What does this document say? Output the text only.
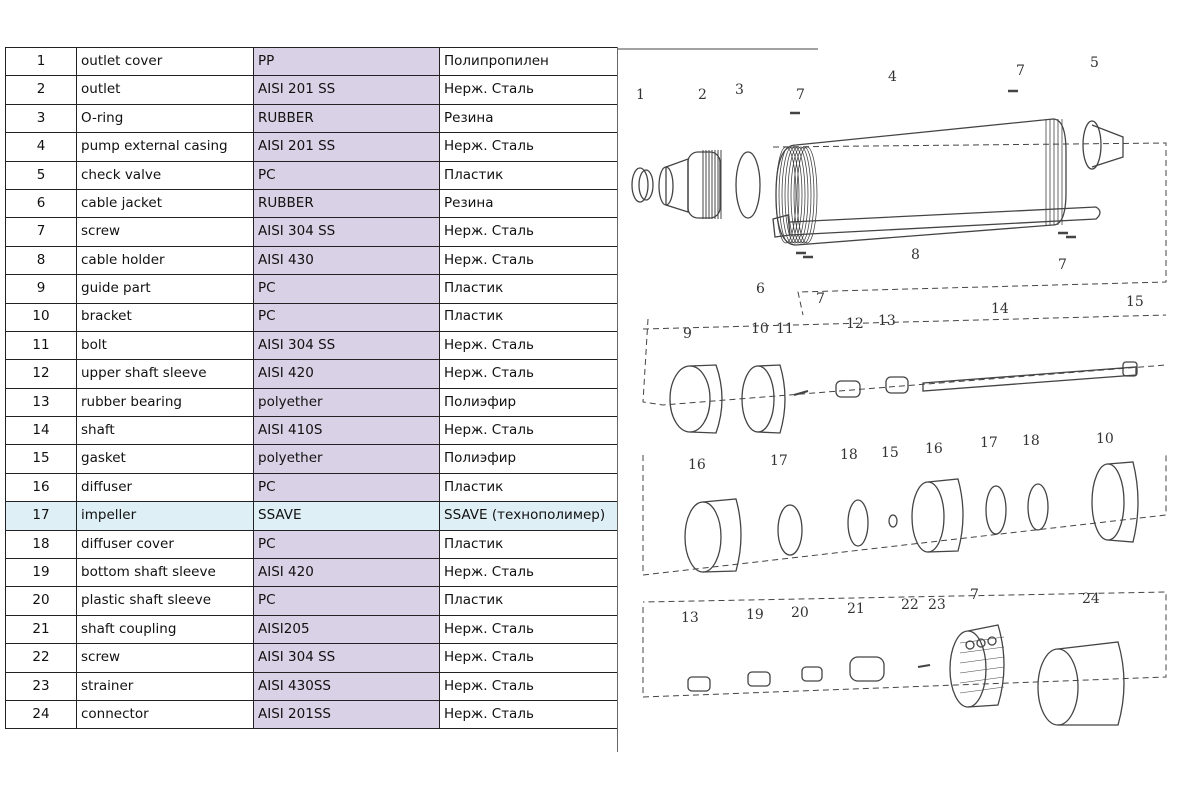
1	outlet cover	PP	Полипропилен
2	outlet	AISI 201 SS	Нерж. Сталь
3	O-ring	RUBBER	Резина
4	pump external casing	AISI 201 SS	Нерж. Сталь
5	check valve	PC	Пластик
6	cable jacket	RUBBER	Резина
7	screw	AISI 304 SS	Нерж. Сталь
8	cable holder	AISI 430	Нерж. Сталь
9	guide part	PC	Пластик
10	bracket	PC	Пластик
11	bolt	AISI 304 SS	Нерж. Сталь
12	upper shaft sleeve	AISI 420	Нерж. Сталь
13	rubber bearing	polyether	Полиэфир
14	shaft	AISI 410S	Нерж. Сталь
15	gasket	polyether	Полиэфир
16	diffuser	PC	Пластик
17	impeller	SSAVE	SSAVE (технополимер)
18	diffuser cover	PC	Пластик
19	bottom shaft sleeve	AISI 420	Нерж. Сталь
20	plastic shaft sleeve	PC	Пластик
21	shaft coupling	AISI205	Нерж. Сталь
22	screw	AISI 304 SS	Нерж. Сталь
23	strainer	AISI 430SS	Нерж. Сталь
24	connector	AISI 201SS	Нерж. Сталь
1	2 3	7
4	7	5
8
6
7
7
9	10 11	12 13
14	15
16	17	18 15 16	17 18	10
13	19 20	21	22 23
7	24
